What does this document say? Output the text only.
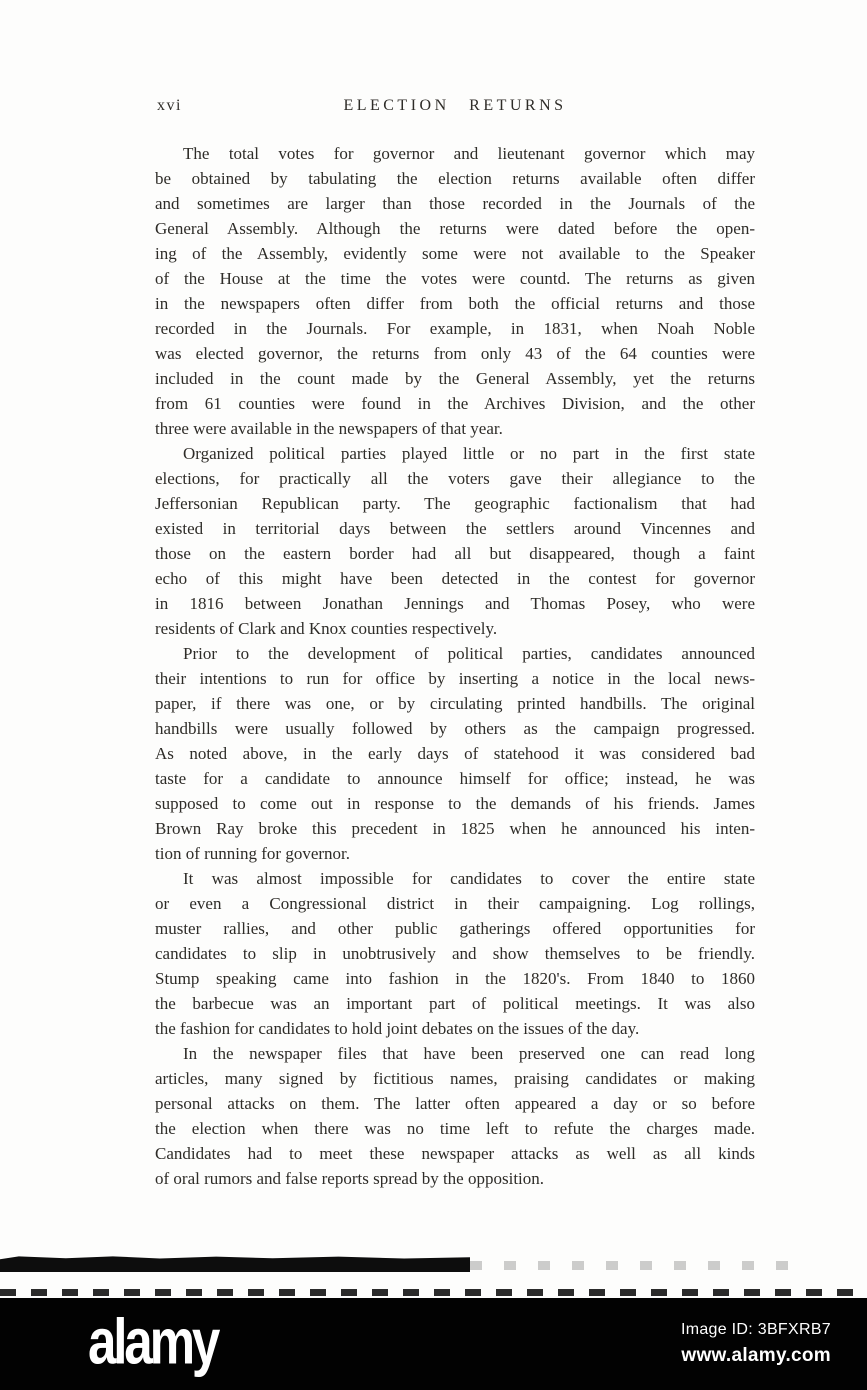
xvi	ELECTION RETURNS
The total votes for governor and lieutenant governor which may
be obtained by tabulating the election returns available often differ
and sometimes are larger than those recorded in the Journals of the
General Assembly. Although the returns were dated before the open-
ing of the Assembly, evidently some were not available to the Speaker
of the House at the time the votes were countd. The returns as given
in the newspapers often differ from both the official returns and those
recorded in the Journals. For example, in 1831, when Noah Noble
was elected governor, the returns from only 43 of the 64 counties were
included in the count made by the General Assembly, yet the returns
from 61 counties were found in the Archives Division, and the other
three were available in the newspapers of that year.
Organized political parties played little or no part in the first state
elections, for practically all the voters gave their allegiance to the
Jeffersonian Republican party. The geographic factionalism that had
existed in territorial days between the settlers around Vincennes and
those on the eastern border had all but disappeared, though a faint
echo of this might have been detected in the contest for governor
in 1816 between Jonathan Jennings and Thomas Posey, who were
residents of Clark and Knox counties respectively.
Prior to the development of political parties, candidates announced
their intentions to run for office by inserting a notice in the local news-
paper, if there was one, or by circulating printed handbills. The original
handbills were usually followed by others as the campaign progressed.
As noted above, in the early days of statehood it was considered bad
taste for a candidate to announce himself for office; instead, he was
supposed to come out in response to the demands of his friends. James
Brown Ray broke this precedent in 1825 when he announced his inten-
tion of running for governor.
It was almost impossible for candidates to cover the entire state
or even a Congressional district in their campaigning. Log rollings,
muster rallies, and other public gatherings offered opportunities for
candidates to slip in unobtrusively and show themselves to be friendly.
Stump speaking came into fashion in the 1820's. From 1840 to 1860
the barbecue was an important part of political meetings. It was also
the fashion for candidates to hold joint debates on the issues of the day.
In the newspaper files that have been preserved one can read long
articles, many signed by fictitious names, praising candidates or making
personal attacks on them. The latter often appeared a day or so before
the election when there was no time left to refute the charges made.
Candidates had to meet these newspaper attacks as well as all kinds
of oral rumors and false reports spread by the opposition.
alamy	Image ID: 3BFXRB7
www.alamy.com
